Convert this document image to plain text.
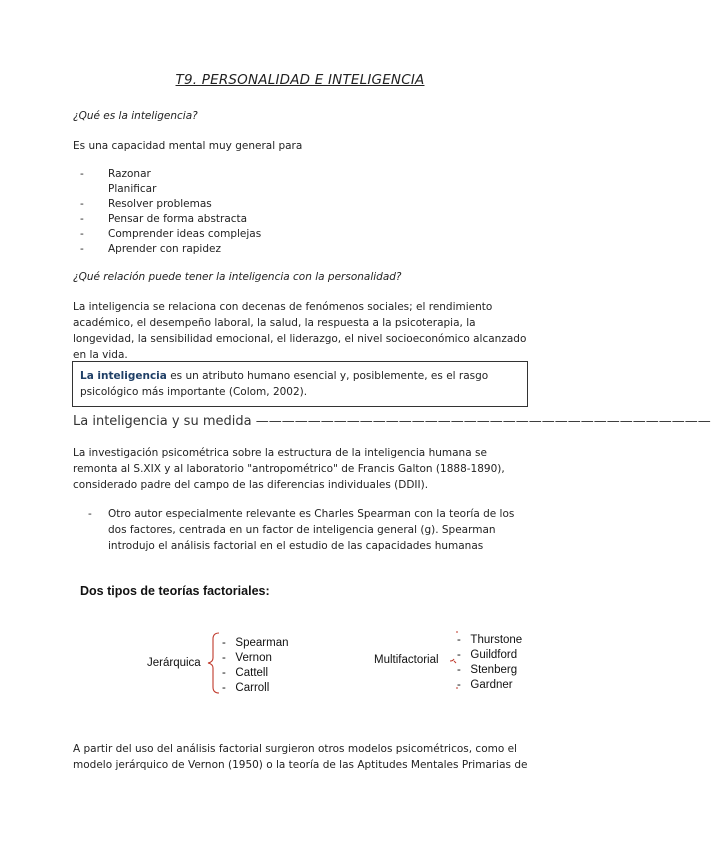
T9. PERSONALIDAD E INTELIGENCIA
¿Qué es la inteligencia?
Es una capacidad mental muy general para
- Razonar
Planificar
- Resolver problemas
- Pensar de forma abstracta
- Comprender ideas complejas
- Aprender con rapidez
¿Qué relación puede tener la inteligencia con la personalidad?
La inteligencia se relaciona con decenas de fenómenos sociales; el rendimiento académico, el desempeño laboral, la salud, la respuesta a la psicoterapia, la longevidad, la sensibilidad emocional, el liderazgo, el nivel socioeconómico alcanzado en la vida.
La inteligencia es un atributo humano esencial y, posiblemente, es el rasgo psicológico más importante (Colom, 2002).
La inteligencia y su medida ———————————————————————————————————
La investigación psicométrica sobre la estructura de la inteligencia humana se remonta al S.XIX y al laboratorio "antropométrico" de Francis Galton (1888-1890), considerado padre del campo de las diferencias individuales (DDII).
- Otro autor especialmente relevante es Charles Spearman con la teoría de los dos factores, centrada en un factor de inteligencia general (g). Spearman introdujo el análisis factorial en el estudio de las capacidades humanas
Dos tipos de teorías factoriales:
Jerárquica
-   Spearman
-   Vernon
-   Cattell
-   Carroll
Multifactorial
-   Thurstone
-   Guildford
-   Stenberg
-   Gardner
A partir del uso del análisis factorial surgieron otros modelos psicométricos, como el modelo jerárquico de Vernon (1950) o la teoría de las Aptitudes Mentales Primarias de
